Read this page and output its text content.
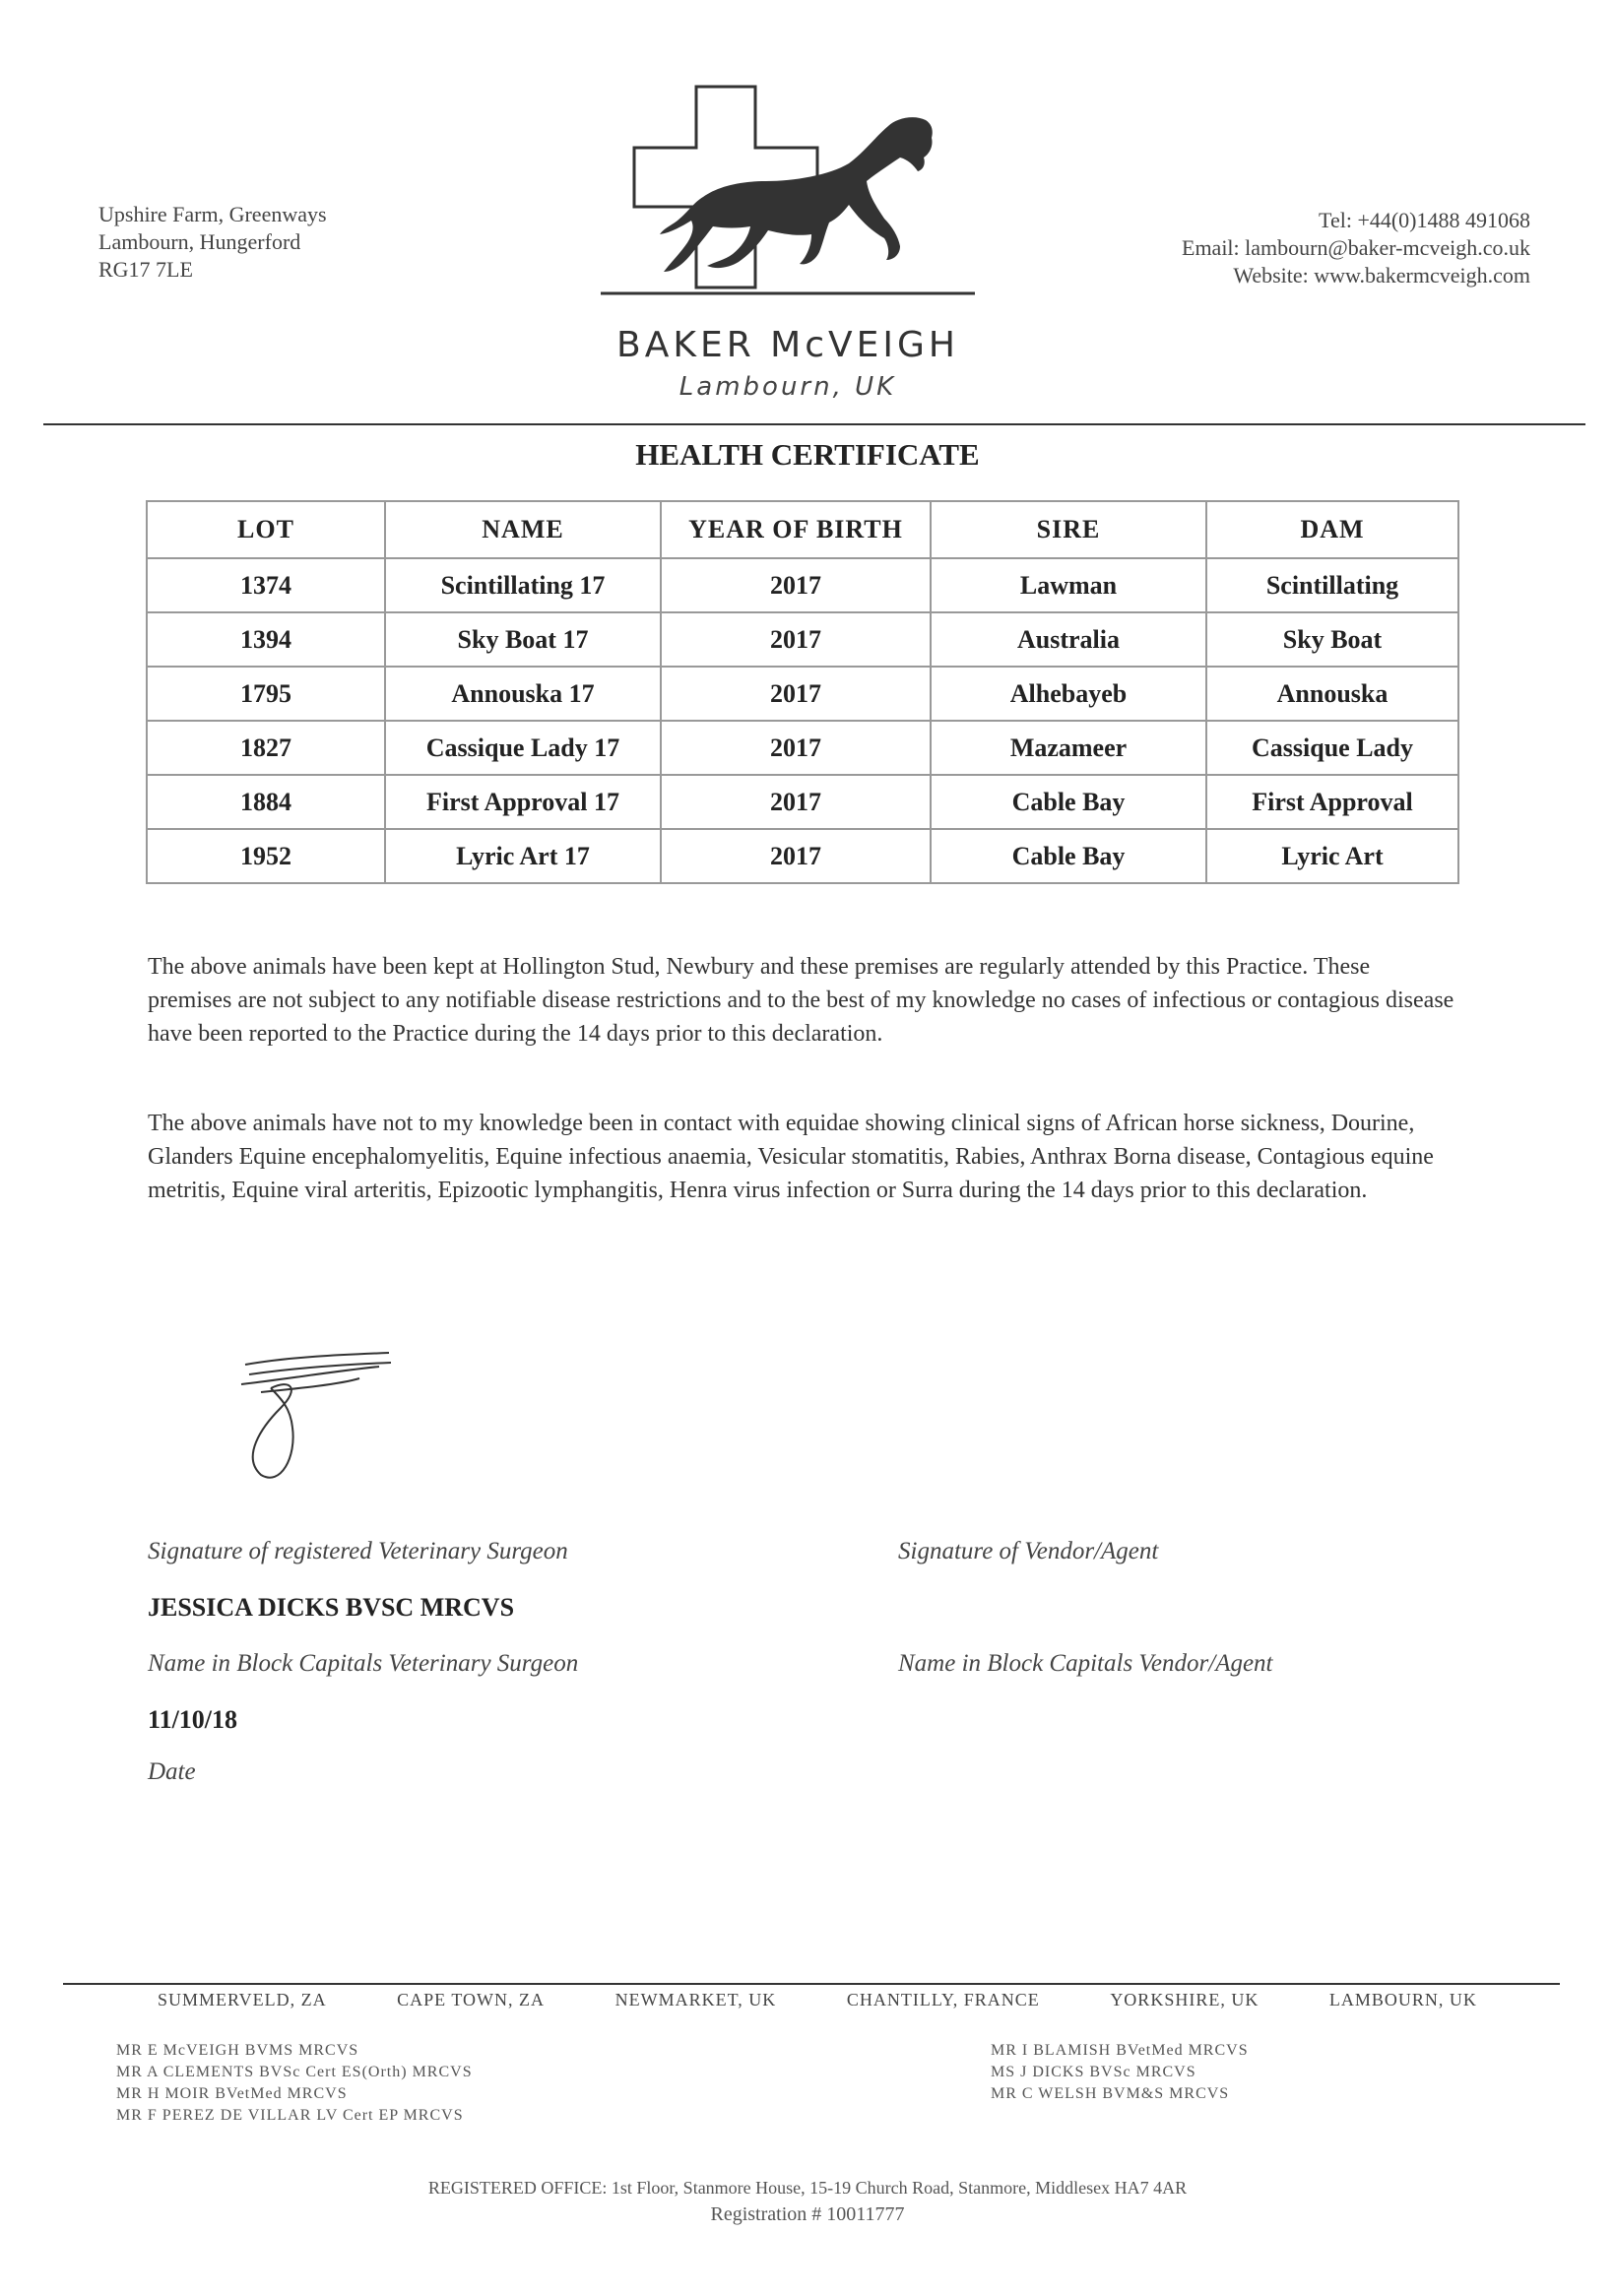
Upshire Farm, Greenways
Lambourn, Hungerford
RG17 7LE
BAKER McVEIGH
Lambourn, UK
Tel: +44(0)1488 491068
Email: lambourn@baker-mcveigh.co.uk
Website: www.bakermcveigh.com
HEALTH CERTIFICATE
LOT	NAME	YEAR OF BIRTH	SIRE	DAM
1374	Scintillating 17	2017	Lawman	Scintillating
1394	Sky Boat 17	2017	Australia	Sky Boat
1795	Annouska 17	2017	Alhebayeb	Annouska
1827	Cassique Lady 17	2017	Mazameer	Cassique Lady
1884	First Approval 17	2017	Cable Bay	First Approval
1952	Lyric Art 17	2017	Cable Bay	Lyric Art
The above animals have been kept at Hollington Stud, Newbury and these premises are regularly attended by this Practice. These premises are not subject to any notifiable disease restrictions and to the best of my knowledge no cases of infectious or contagious disease have been reported to the Practice during the 14 days prior to this declaration.
The above animals have not to my knowledge been in contact with equidae showing clinical signs of African horse sickness, Dourine, Glanders Equine encephalomyelitis, Equine infectious anaemia, Vesicular stomatitis, Rabies, Anthrax Borna disease, Contagious equine metritis, Equine viral arteritis, Epizootic lymphangitis, Henra virus infection or Surra during the 14 days prior to this declaration.
Signature of registered Veterinary Surgeon	Signature of Vendor/Agent
JESSICA DICKS BVSC MRCVS
Name in Block Capitals Veterinary Surgeon	Name in Block Capitals Vendor/Agent
11/10/18
Date
SUMMERVELD, ZA	CAPE TOWN, ZA	NEWMARKET, UK	CHANTILLY, FRANCE	YORKSHIRE, UK	LAMBOURN, UK
MR E McVEIGH BVMS MRCVS
MR A CLEMENTS BVSc Cert ES(Orth) MRCVS
MR H MOIR BVetMed MRCVS
MR F PEREZ DE VILLAR LV Cert EP MRCVS
MR I BLAMISH BVetMed MRCVS
MS J DICKS BVSc MRCVS
MR C WELSH BVM&S MRCVS
REGISTERED OFFICE: 1st Floor, Stanmore House, 15-19 Church Road, Stanmore, Middlesex HA7 4AR
Registration # 10011777
